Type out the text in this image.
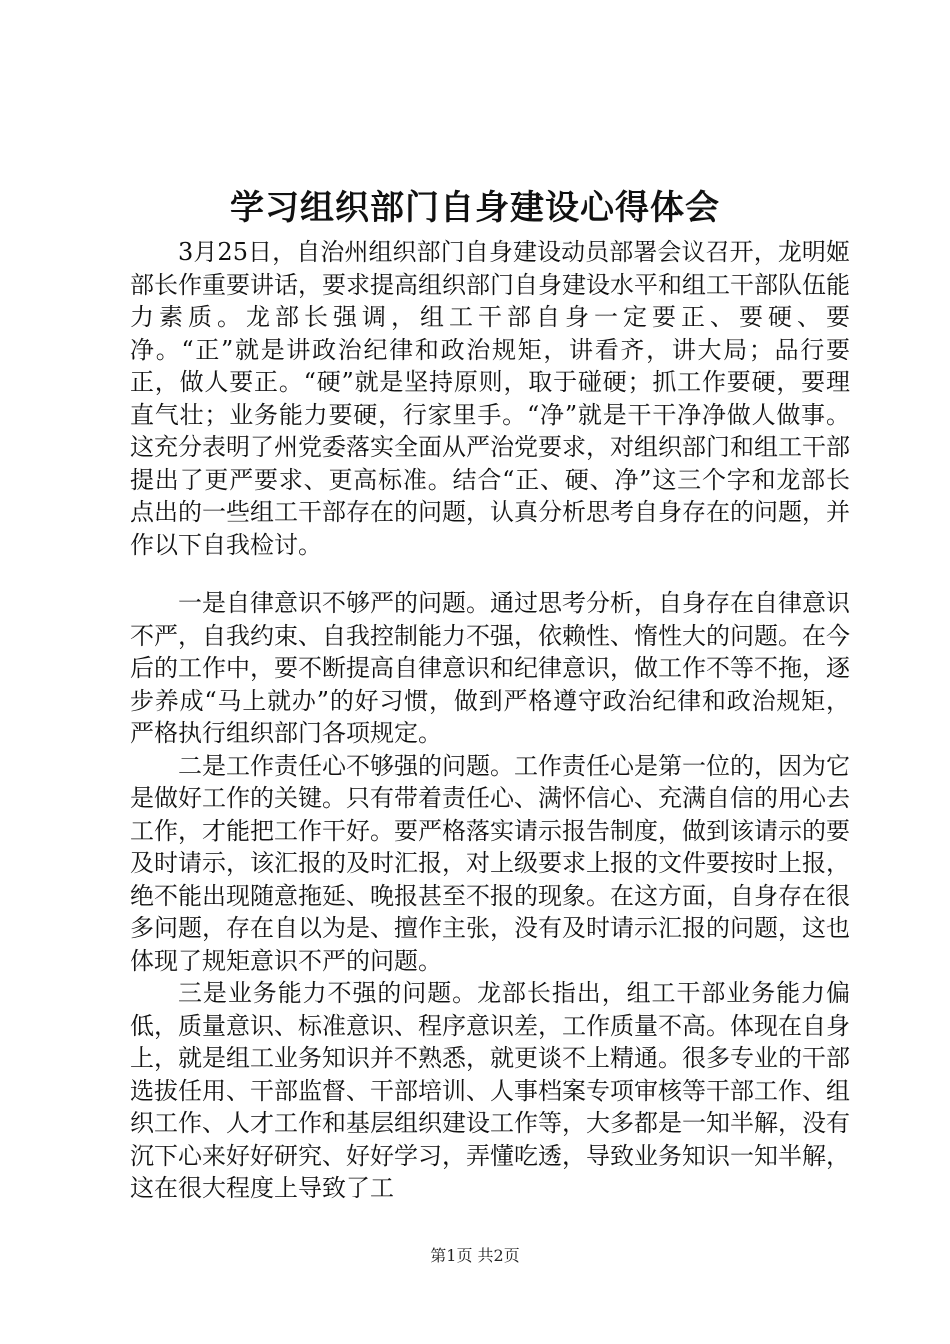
学习组织部门自身建设心得体会

3月25日，自治州组织部门自身建设动员部署会议召开，龙明姬部长作重要讲话，要求提高组织部门自身建设水平和组工干部队伍能力素质。龙部长强调，组工干部自身一定要正、要硬、要净。“正”就是讲政治纪律和政治规矩，讲看齐，讲大局；品行要正，做人要正。“硬”就是坚持原则，取于碰硬；抓工作要硬，要理直气壮；业务能力要硬，行家里手。“净”就是干干净净做人做事。这充分表明了州党委落实全面从严治党要求，对组织部门和组工干部提出了更严要求、更高标准。结合“正、硬、净”这三个字和龙部长点出的一些组工干部存在的问题，认真分析思考自身存在的问题，并作以下自我检讨。

一是自律意识不够严的问题。通过思考分析，自身存在自律意识不严，自我约束、自我控制能力不强，依赖性、惰性大的问题。在今后的工作中，要不断提高自律意识和纪律意识，做工作不等不拖，逐步养成“马上就办”的好习惯，做到严格遵守政治纪律和政治规矩，严格执行组织部门各项规定。

二是工作责任心不够强的问题。工作责任心是第一位的，因为它是做好工作的关键。只有带着责任心、满怀信心、充满自信的用心去工作，才能把工作干好。要严格落实请示报告制度，做到该请示的要及时请示，该汇报的及时汇报，对上级要求上报的文件要按时上报，绝不能出现随意拖延、晚报甚至不报的现象。在这方面，自身存在很多问题，存在自以为是、擅作主张，没有及时请示汇报的问题，这也体现了规矩意识不严的问题。

三是业务能力不强的问题。龙部长指出，组工干部业务能力偏低，质量意识、标准意识、程序意识差，工作质量不高。体现在自身上，就是组工业务知识并不熟悉，就更谈不上精通。很多专业的干部选拔任用、干部监督、干部培训、人事档案专项审核等干部工作、组织工作、人才工作和基层组织建设工作等，大多都是一知半解，没有沉下心来好好研究、好好学习，弄懂吃透，导致业务知识一知半解，这在很大程度上导致了工

第1页 共2页
